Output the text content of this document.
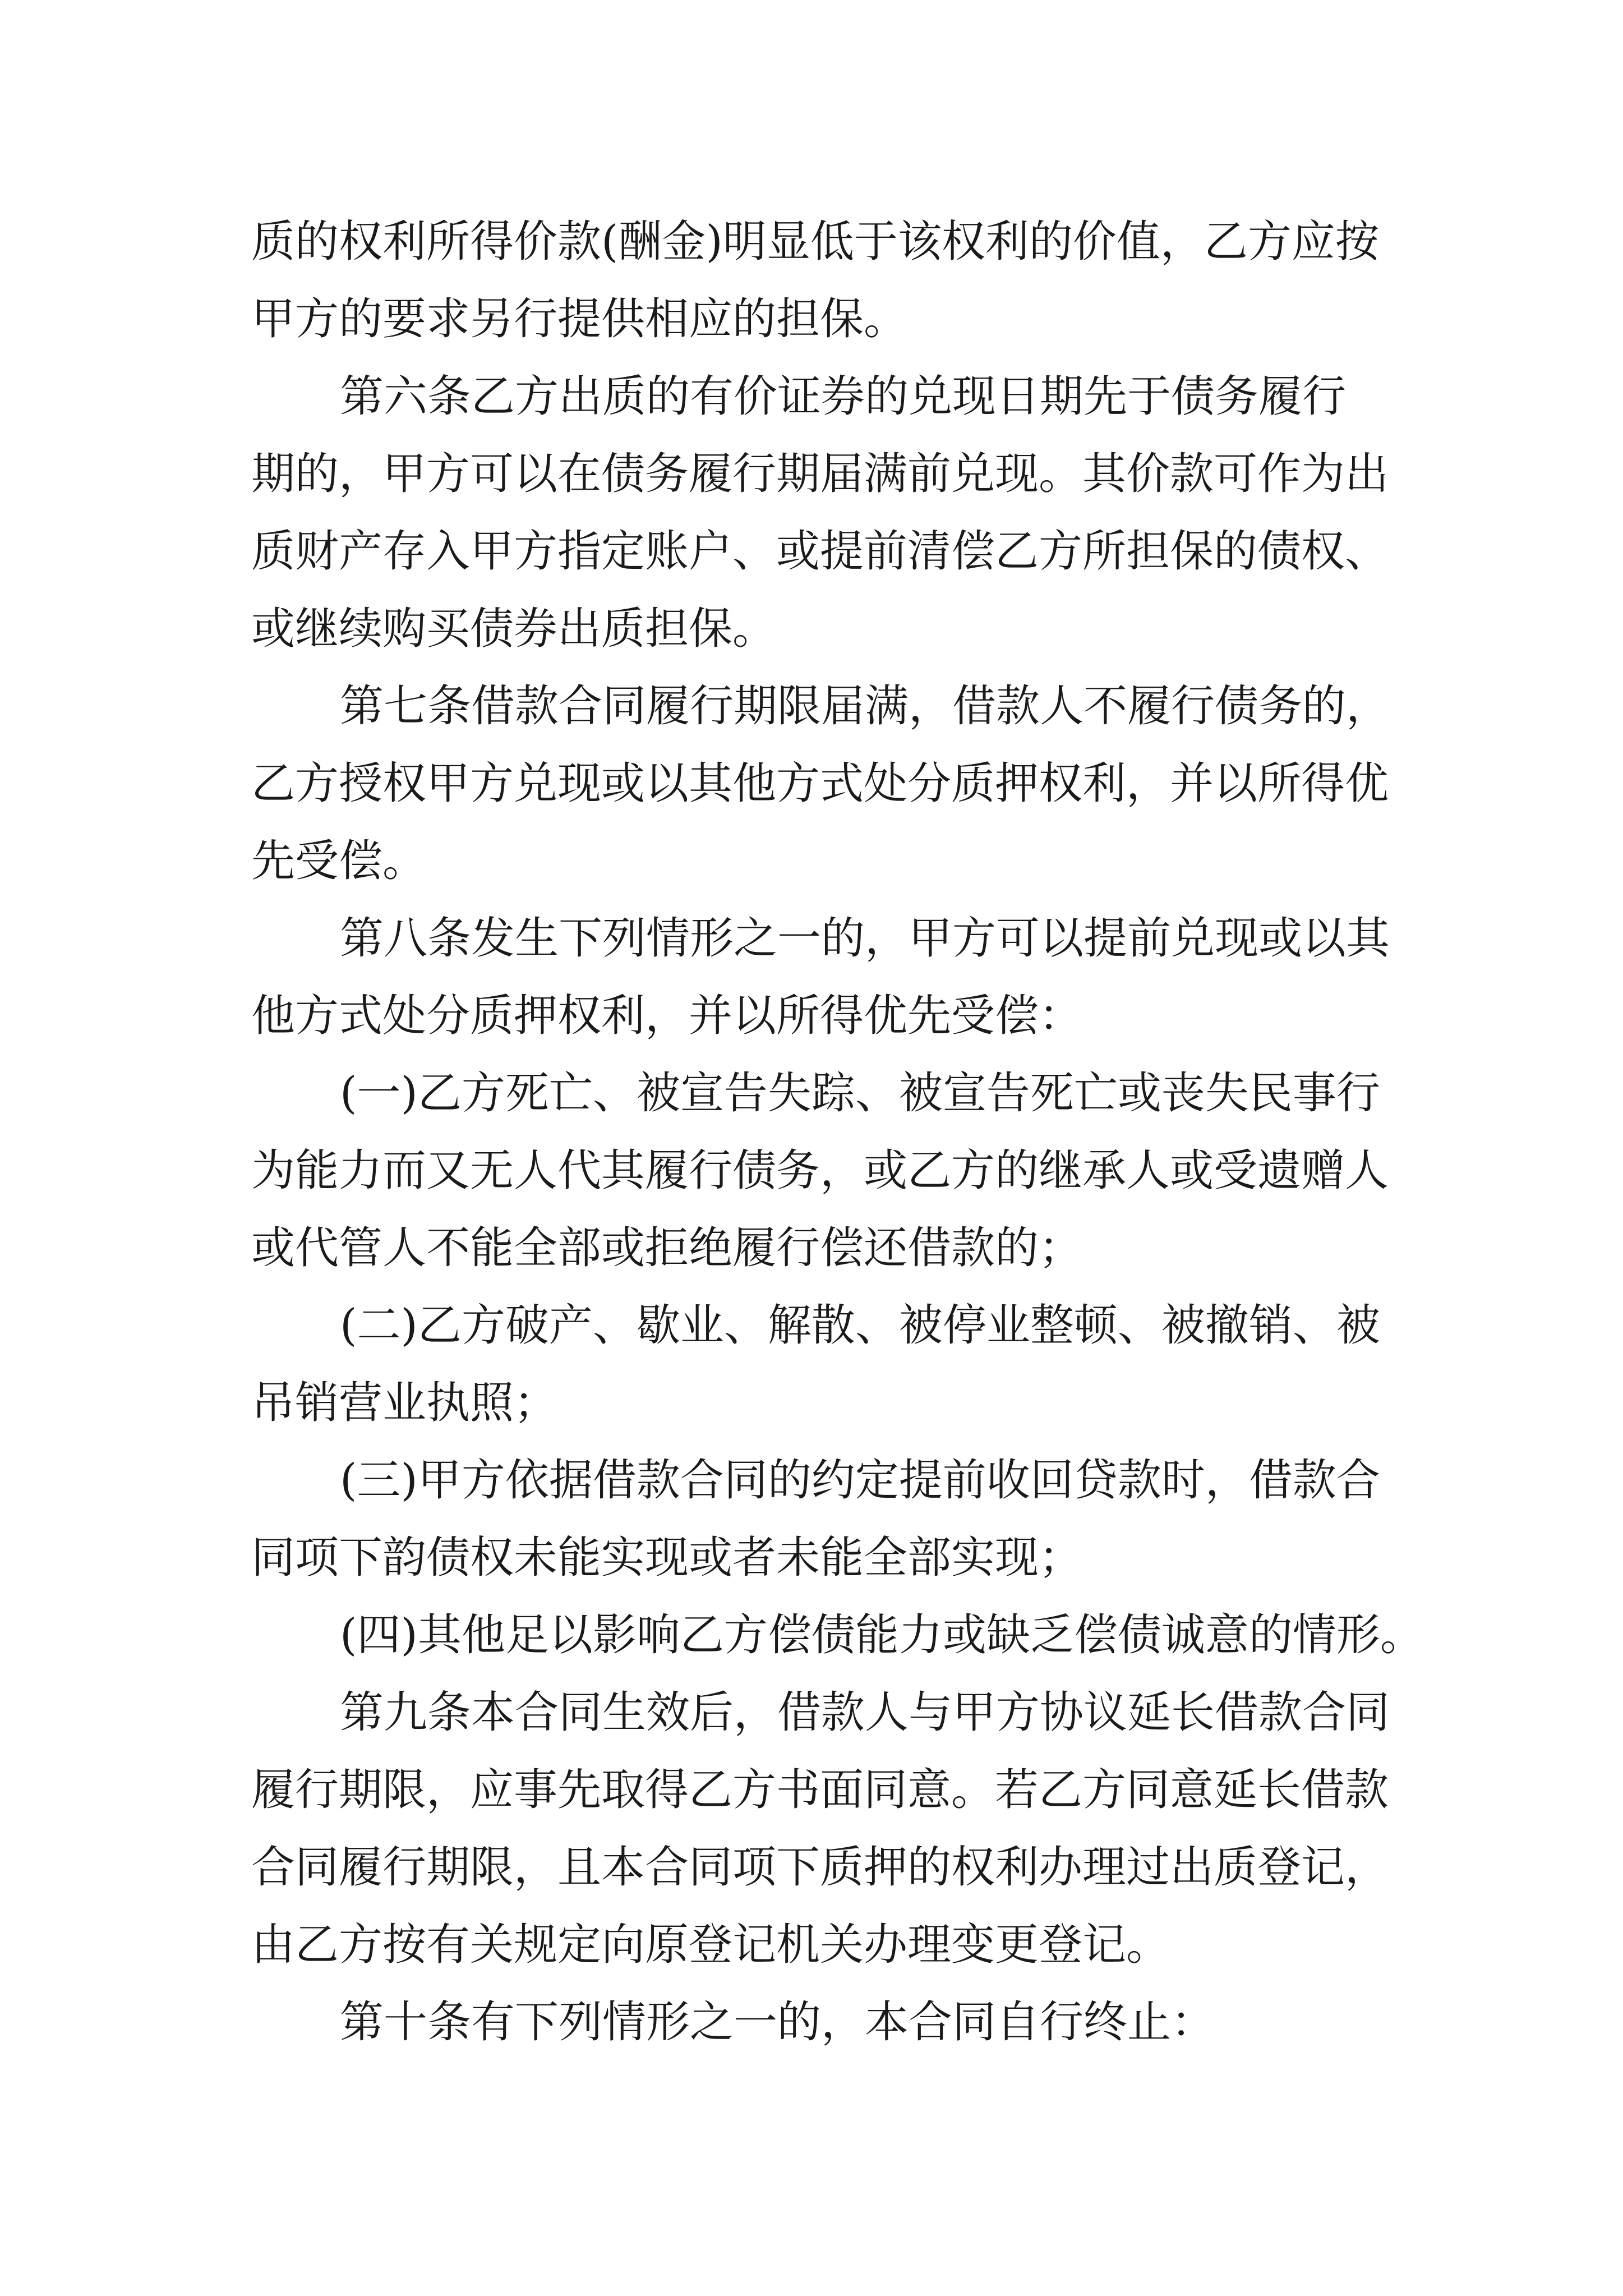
质的权利所得价款(酬金)明显低于该权利的价值，乙方应按
甲方的要求另行提供相应的担保。
第六条乙方出质的有价证券的兑现日期先于债务履行
期的，甲方可以在债务履行期届满前兑现。其价款可作为出
质财产存入甲方指定账户、或提前清偿乙方所担保的债权、
或继续购买债券出质担保。
第七条借款合同履行期限届满，借款人不履行债务的，
乙方授权甲方兑现或以其他方式处分质押权利，并以所得优
先受偿。
第八条发生下列情形之一的，甲方可以提前兑现或以其
他方式处分质押权利，并以所得优先受偿：
(一)乙方死亡、被宣告失踪、被宣告死亡或丧失民事行
为能力而又无人代其履行债务，或乙方的继承人或受遗赠人
或代管人不能全部或拒绝履行偿还借款的；
(二)乙方破产、歇业、解散、被停业整顿、被撤销、被
吊销营业执照；
(三)甲方依据借款合同的约定提前收回贷款时，借款合
同项下韵债权未能实现或者未能全部实现；
(四)其他足以影响乙方偿债能力或缺乏偿债诚意的情形。
第九条本合同生效后，借款人与甲方协议延长借款合同
履行期限，应事先取得乙方书面同意。若乙方同意延长借款
合同履行期限，且本合同项下质押的权利办理过出质登记，
由乙方按有关规定向原登记机关办理变更登记。
第十条有下列情形之一的，本合同自行终止：
